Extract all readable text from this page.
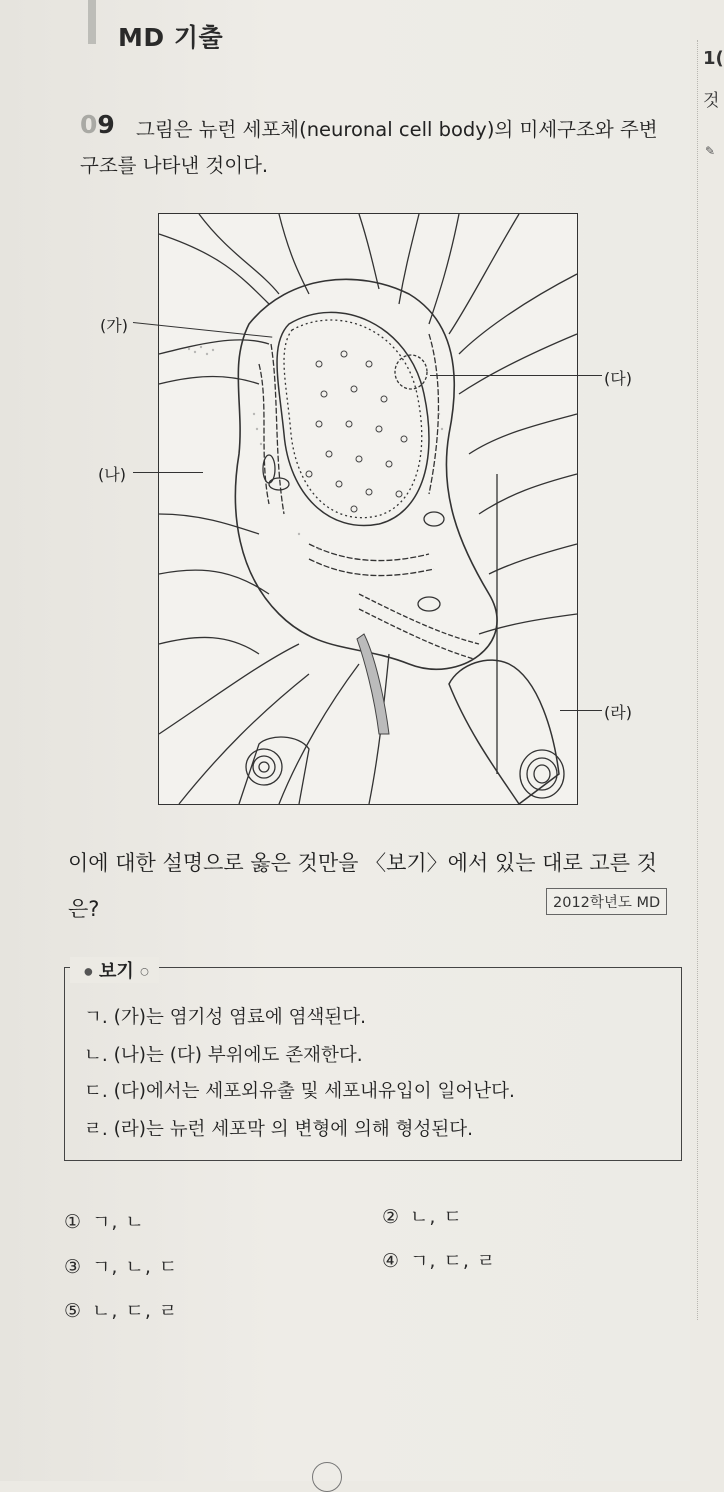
MD 기출
1(
것
✎
09	그림은 뉴런 세포체(neuronal cell body)의 미세구조와 주변 구조를 나타낸 것이다.
(가)
(나)
(다)
(라)
이에 대한 설명으로 옳은 것만을 〈보기〉에서 있는 대로 고른 것은?	2012학년도 MD
● 보기 ○
ㄱ. (가)는 염기성 염료에 염색된다.
ㄴ. (나)는 (다) 부위에도 존재한다.
ㄷ. (다)에서는 세포외유출 및 세포내유입이 일어난다.
ㄹ. (라)는 뉴런 세포막 의 변형에 의해 형성된다.
① ㄱ, ㄴ	② ㄴ, ㄷ
③ ㄱ, ㄴ, ㄷ	④ ㄱ, ㄷ, ㄹ
⑤ ㄴ, ㄷ, ㄹ
